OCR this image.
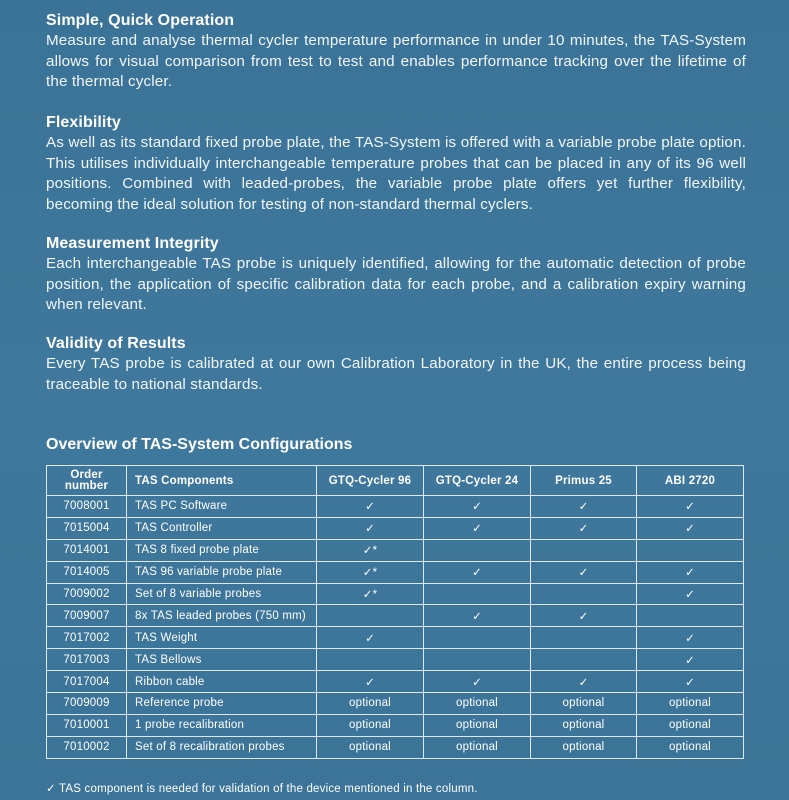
Simple, Quick Operation

Measure and analyse thermal cycler temperature performance in under 10 minutes, the TAS-System allows for visual comparison from test to test and enables performance tracking over the lifetime of the thermal cycler.

Flexibility

As well as its standard fixed probe plate, the TAS-System is offered with a variable probe plate option. This utilises individually interchangeable temperature probes that can be placed in any of its 96 well positions. Combined with leaded-probes, the variable probe plate offers yet further flexibility, becoming the ideal solution for testing of non-standard thermal cyclers.

Measurement Integrity

Each interchangeable TAS probe is uniquely identified, allowing for the automatic detection of probe position, the application of specific calibration data for each probe, and a calibration expiry warning when relevant.

Validity of Results

Every TAS probe is calibrated at our own Calibration Laboratory in the UK, the entire process being traceable to national standards.

Overview of TAS-System Configurations
Order
number	TAS Components	GTQ-Cycler 96	GTQ-Cycler 24	Primus 25	ABI 2720
7008001	TAS PC Software	✓	✓	✓	✓
7015004	TAS Controller	✓	✓	✓	✓
7014001	TAS 8 fixed probe plate	✓*			
7014005	TAS 96 variable probe plate	✓*	✓	✓	✓
7009002	Set of 8 variable probes	✓*			✓
7009007	8x TAS leaded probes (750 mm)		✓	✓	
7017002	TAS Weight	✓			✓
7017003	TAS Bellows				✓
7017004	Ribbon cable	✓	✓	✓	✓
7009009	Reference probe	optional	optional	optional	optional
7010001	1 probe recalibration	optional	optional	optional	optional
7010002	Set of 8 recalibration probes	optional	optional	optional	optional

✓ TAS component is needed for validation of the device mentioned in the column.
